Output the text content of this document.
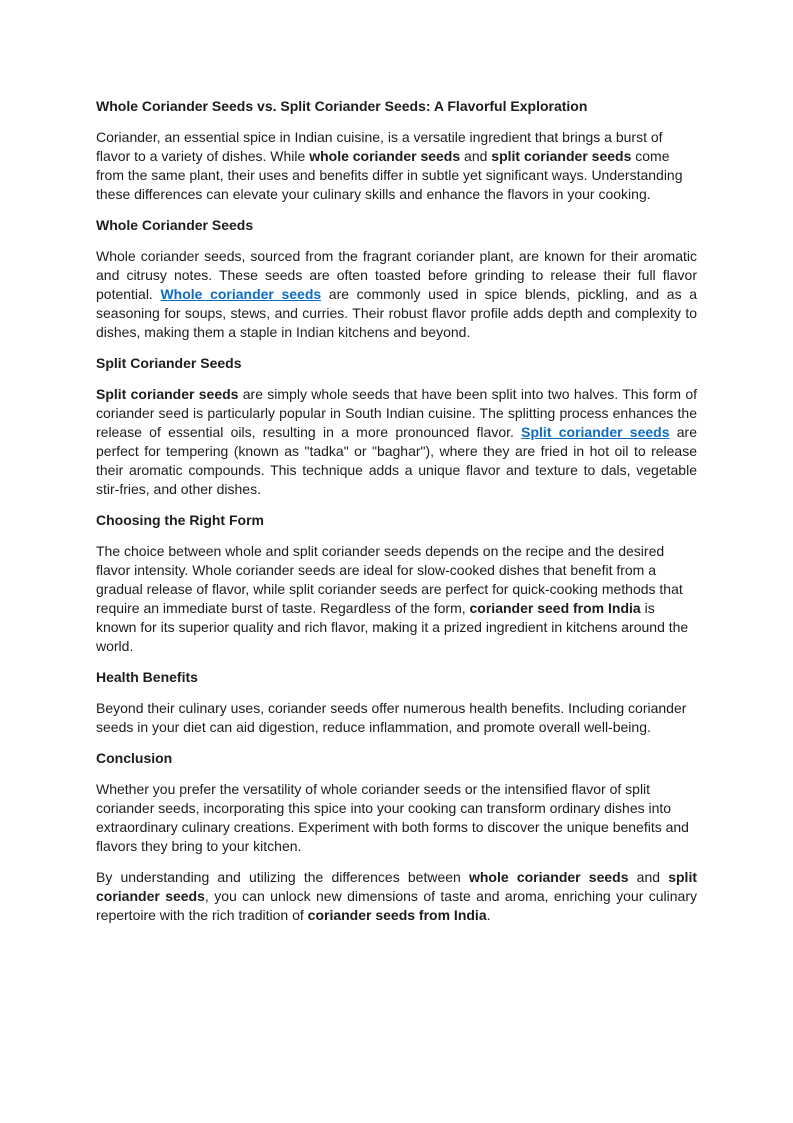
Whole Coriander Seeds vs. Split Coriander Seeds: A Flavorful Exploration

Coriander, an essential spice in Indian cuisine, is a versatile ingredient that brings a burst of flavor to a variety of dishes. While whole coriander seeds and split coriander seeds come from the same plant, their uses and benefits differ in subtle yet significant ways. Understanding these differences can elevate your culinary skills and enhance the flavors in your cooking.

Whole Coriander Seeds

Whole coriander seeds, sourced from the fragrant coriander plant, are known for their aromatic and citrusy notes. These seeds are often toasted before grinding to release their full flavor potential. Whole coriander seeds are commonly used in spice blends, pickling, and as a seasoning for soups, stews, and curries. Their robust flavor profile adds depth and complexity to dishes, making them a staple in Indian kitchens and beyond.

Split Coriander Seeds

Split coriander seeds are simply whole seeds that have been split into two halves. This form of coriander seed is particularly popular in South Indian cuisine. The splitting process enhances the release of essential oils, resulting in a more pronounced flavor. Split coriander seeds are perfect for tempering (known as "tadka" or "baghar"), where they are fried in hot oil to release their aromatic compounds. This technique adds a unique flavor and texture to dals, vegetable stir-fries, and other dishes.

Choosing the Right Form

The choice between whole and split coriander seeds depends on the recipe and the desired flavor intensity. Whole coriander seeds are ideal for slow-cooked dishes that benefit from a gradual release of flavor, while split coriander seeds are perfect for quick-cooking methods that require an immediate burst of taste. Regardless of the form, coriander seed from India is known for its superior quality and rich flavor, making it a prized ingredient in kitchens around the world.

Health Benefits

Beyond their culinary uses, coriander seeds offer numerous health benefits. Including coriander seeds in your diet can aid digestion, reduce inflammation, and promote overall well-being.

Conclusion

Whether you prefer the versatility of whole coriander seeds or the intensified flavor of split coriander seeds, incorporating this spice into your cooking can transform ordinary dishes into extraordinary culinary creations. Experiment with both forms to discover the unique benefits and flavors they bring to your kitchen.

By understanding and utilizing the differences between whole coriander seeds and split coriander seeds, you can unlock new dimensions of taste and aroma, enriching your culinary repertoire with the rich tradition of coriander seeds from India.
